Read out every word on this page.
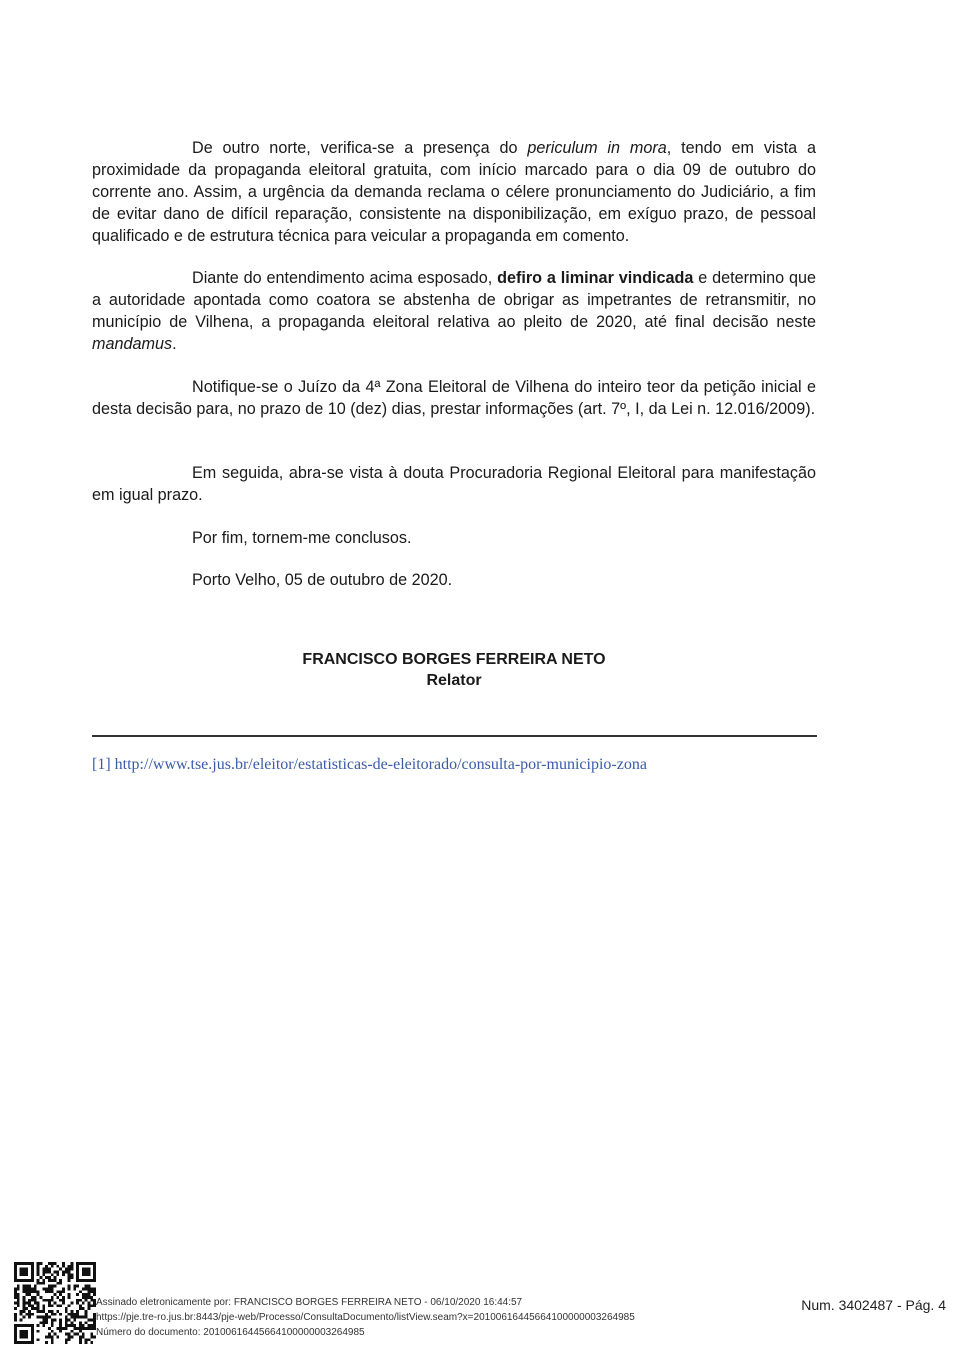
De outro norte, verifica-se a presença do periculum in mora, tendo em vista a proximidade da propaganda eleitoral gratuita, com início marcado para o dia 09 de outubro do corrente ano. Assim, a urgência da demanda reclama o célere pronunciamento do Judiciário, a fim de evitar dano de difícil reparação, consistente na disponibilização, em exíguo prazo, de pessoal qualificado e de estrutura técnica para veicular a propaganda em comento.

Diante do entendimento acima esposado, defiro a liminar vindicada e determino que a autoridade apontada como coatora se abstenha de obrigar as impetrantes de retransmitir, no município de Vilhena, a propaganda eleitoral relativa ao pleito de 2020, até final decisão neste mandamus.

Notifique-se o Juízo da 4ª Zona Eleitoral de Vilhena do inteiro teor da petição inicial e desta decisão para, no prazo de 10 (dez) dias, prestar informações (art. 7º, I, da Lei n. 12.016/2009).

Em seguida, abra-se vista à douta Procuradoria Regional Eleitoral para manifestação em igual prazo.

Por fim, tornem-me conclusos.

Porto Velho, 05 de outubro de 2020.

FRANCISCO BORGES FERREIRA NETO
Relator
[1] http://www.tse.jus.br/eleitor/estatisticas-de-eleitorado/consulta-por-municipio-zona
Assinado eletronicamente por: FRANCISCO BORGES FERREIRA NETO - 06/10/2020 16:44:57
https://pje.tre-ro.jus.br:8443/pje-web/Processo/ConsultaDocumento/listView.seam?x=20100616445664100000003264985
Número do documento: 20100616445664100000003264985
Num. 3402487 - Pág. 4
